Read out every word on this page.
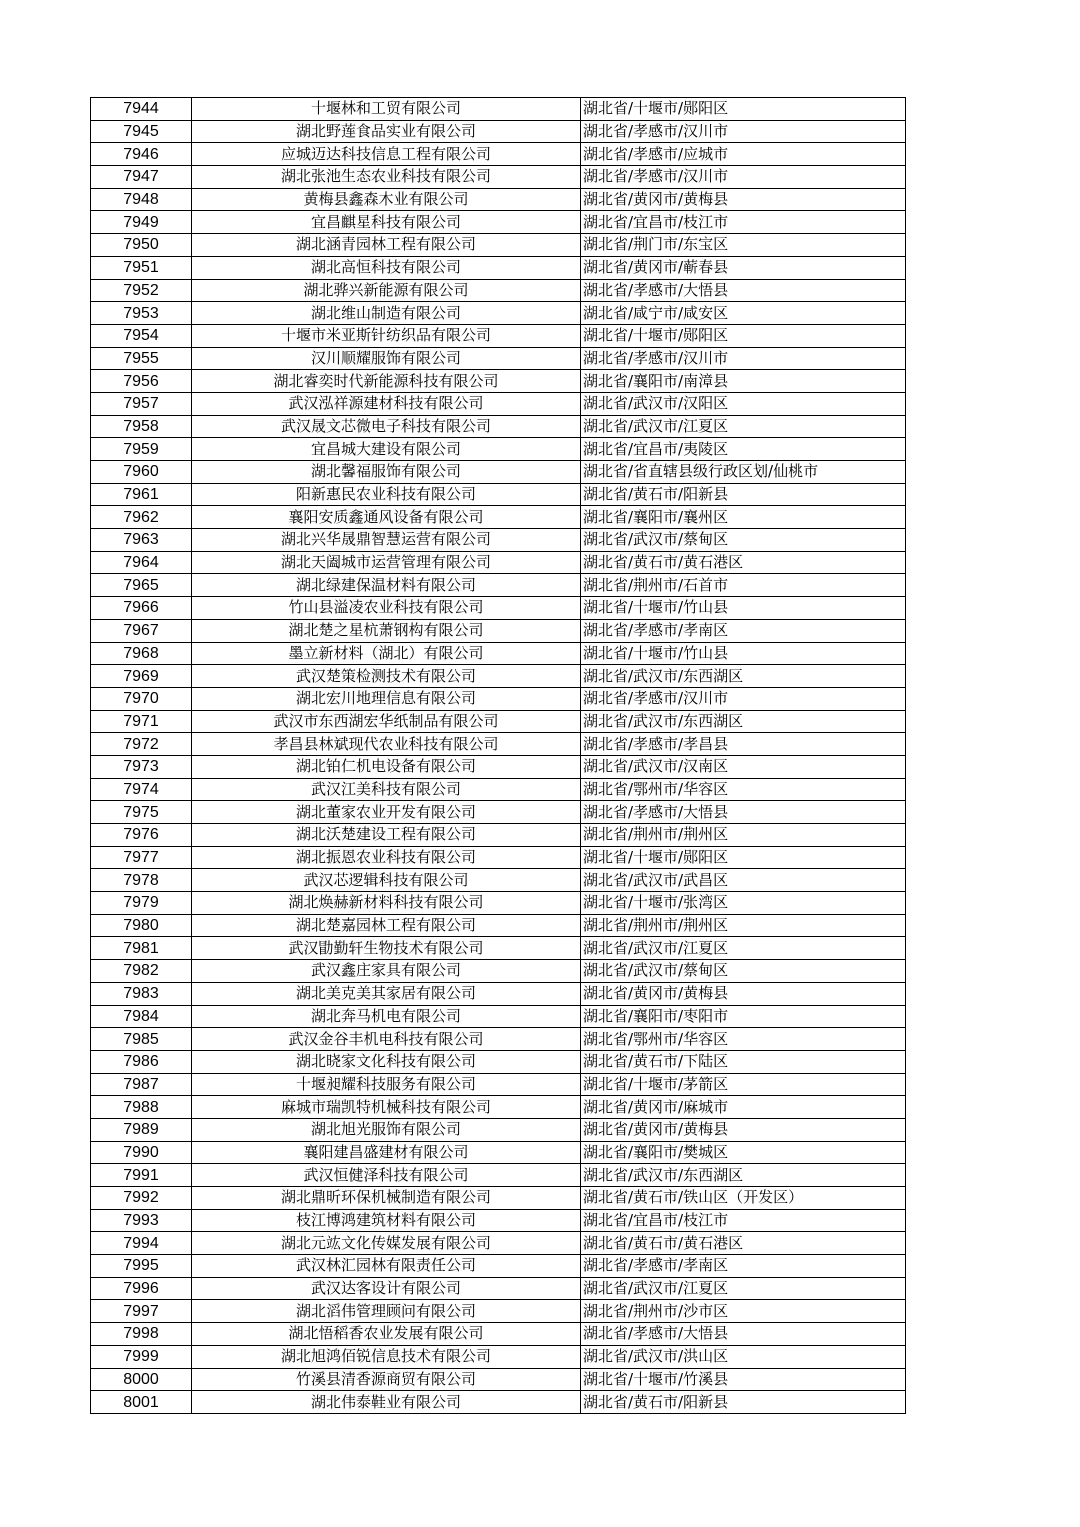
7944	十堰林和工贸有限公司	湖北省/十堰市/郧阳区
7945	湖北野莲食品实业有限公司	湖北省/孝感市/汉川市
7946	应城迈达科技信息工程有限公司	湖北省/孝感市/应城市
7947	湖北张池生态农业科技有限公司	湖北省/孝感市/汉川市
7948	黄梅县鑫森木业有限公司	湖北省/黄冈市/黄梅县
7949	宜昌麒星科技有限公司	湖北省/宜昌市/枝江市
7950	湖北涵青园林工程有限公司	湖北省/荆门市/东宝区
7951	湖北高恒科技有限公司	湖北省/黄冈市/蕲春县
7952	湖北骅兴新能源有限公司	湖北省/孝感市/大悟县
7953	湖北维山制造有限公司	湖北省/咸宁市/咸安区
7954	十堰市米亚斯针纺织品有限公司	湖北省/十堰市/郧阳区
7955	汉川顺耀服饰有限公司	湖北省/孝感市/汉川市
7956	湖北睿奕时代新能源科技有限公司	湖北省/襄阳市/南漳县
7957	武汉泓祥源建材科技有限公司	湖北省/武汉市/汉阳区
7958	武汉晟文芯微电子科技有限公司	湖北省/武汉市/江夏区
7959	宜昌城大建设有限公司	湖北省/宜昌市/夷陵区
7960	湖北馨福服饰有限公司	湖北省/省直辖县级行政区划/仙桃市
7961	阳新惠民农业科技有限公司	湖北省/黄石市/阳新县
7962	襄阳安质鑫通风设备有限公司	湖北省/襄阳市/襄州区
7963	湖北兴华晟鼎智慧运营有限公司	湖北省/武汉市/蔡甸区
7964	湖北天阖城市运营管理有限公司	湖北省/黄石市/黄石港区
7965	湖北绿建保温材料有限公司	湖北省/荆州市/石首市
7966	竹山县溢凌农业科技有限公司	湖北省/十堰市/竹山县
7967	湖北楚之星杭萧钢构有限公司	湖北省/孝感市/孝南区
7968	墨立新材料（湖北）有限公司	湖北省/十堰市/竹山县
7969	武汉楚策检测技术有限公司	湖北省/武汉市/东西湖区
7970	湖北宏川地理信息有限公司	湖北省/孝感市/汉川市
7971	武汉市东西湖宏华纸制品有限公司	湖北省/武汉市/东西湖区
7972	孝昌县林斌现代农业科技有限公司	湖北省/孝感市/孝昌县
7973	湖北铂仁机电设备有限公司	湖北省/武汉市/汉南区
7974	武汉江美科技有限公司	湖北省/鄂州市/华容区
7975	湖北董家农业开发有限公司	湖北省/孝感市/大悟县
7976	湖北沃楚建设工程有限公司	湖北省/荆州市/荆州区
7977	湖北振恩农业科技有限公司	湖北省/十堰市/郧阳区
7978	武汉芯逻辑科技有限公司	湖北省/武汉市/武昌区
7979	湖北焕赫新材料科技有限公司	湖北省/十堰市/张湾区
7980	湖北楚嘉园林工程有限公司	湖北省/荆州市/荆州区
7981	武汉勖勤轩生物技术有限公司	湖北省/武汉市/江夏区
7982	武汉鑫庄家具有限公司	湖北省/武汉市/蔡甸区
7983	湖北美克美其家居有限公司	湖北省/黄冈市/黄梅县
7984	湖北奔马机电有限公司	湖北省/襄阳市/枣阳市
7985	武汉金谷丰机电科技有限公司	湖北省/鄂州市/华容区
7986	湖北晓家文化科技有限公司	湖北省/黄石市/下陆区
7987	十堰昶耀科技服务有限公司	湖北省/十堰市/茅箭区
7988	麻城市瑞凯特机械科技有限公司	湖北省/黄冈市/麻城市
7989	湖北旭光服饰有限公司	湖北省/黄冈市/黄梅县
7990	襄阳建昌盛建材有限公司	湖北省/襄阳市/樊城区
7991	武汉恒健泽科技有限公司	湖北省/武汉市/东西湖区
7992	湖北鼎昕环保机械制造有限公司	湖北省/黄石市/铁山区（开发区）
7993	枝江博鸿建筑材料有限公司	湖北省/宜昌市/枝江市
7994	湖北元竑文化传媒发展有限公司	湖北省/黄石市/黄石港区
7995	武汉林汇园林有限责任公司	湖北省/孝感市/孝南区
7996	武汉达客设计有限公司	湖北省/武汉市/江夏区
7997	湖北滔伟管理顾问有限公司	湖北省/荆州市/沙市区
7998	湖北悟稻香农业发展有限公司	湖北省/孝感市/大悟县
7999	湖北旭鸿佰锐信息技术有限公司	湖北省/武汉市/洪山区
8000	竹溪县清香源商贸有限公司	湖北省/十堰市/竹溪县
8001	湖北伟泰鞋业有限公司	湖北省/黄石市/阳新县
